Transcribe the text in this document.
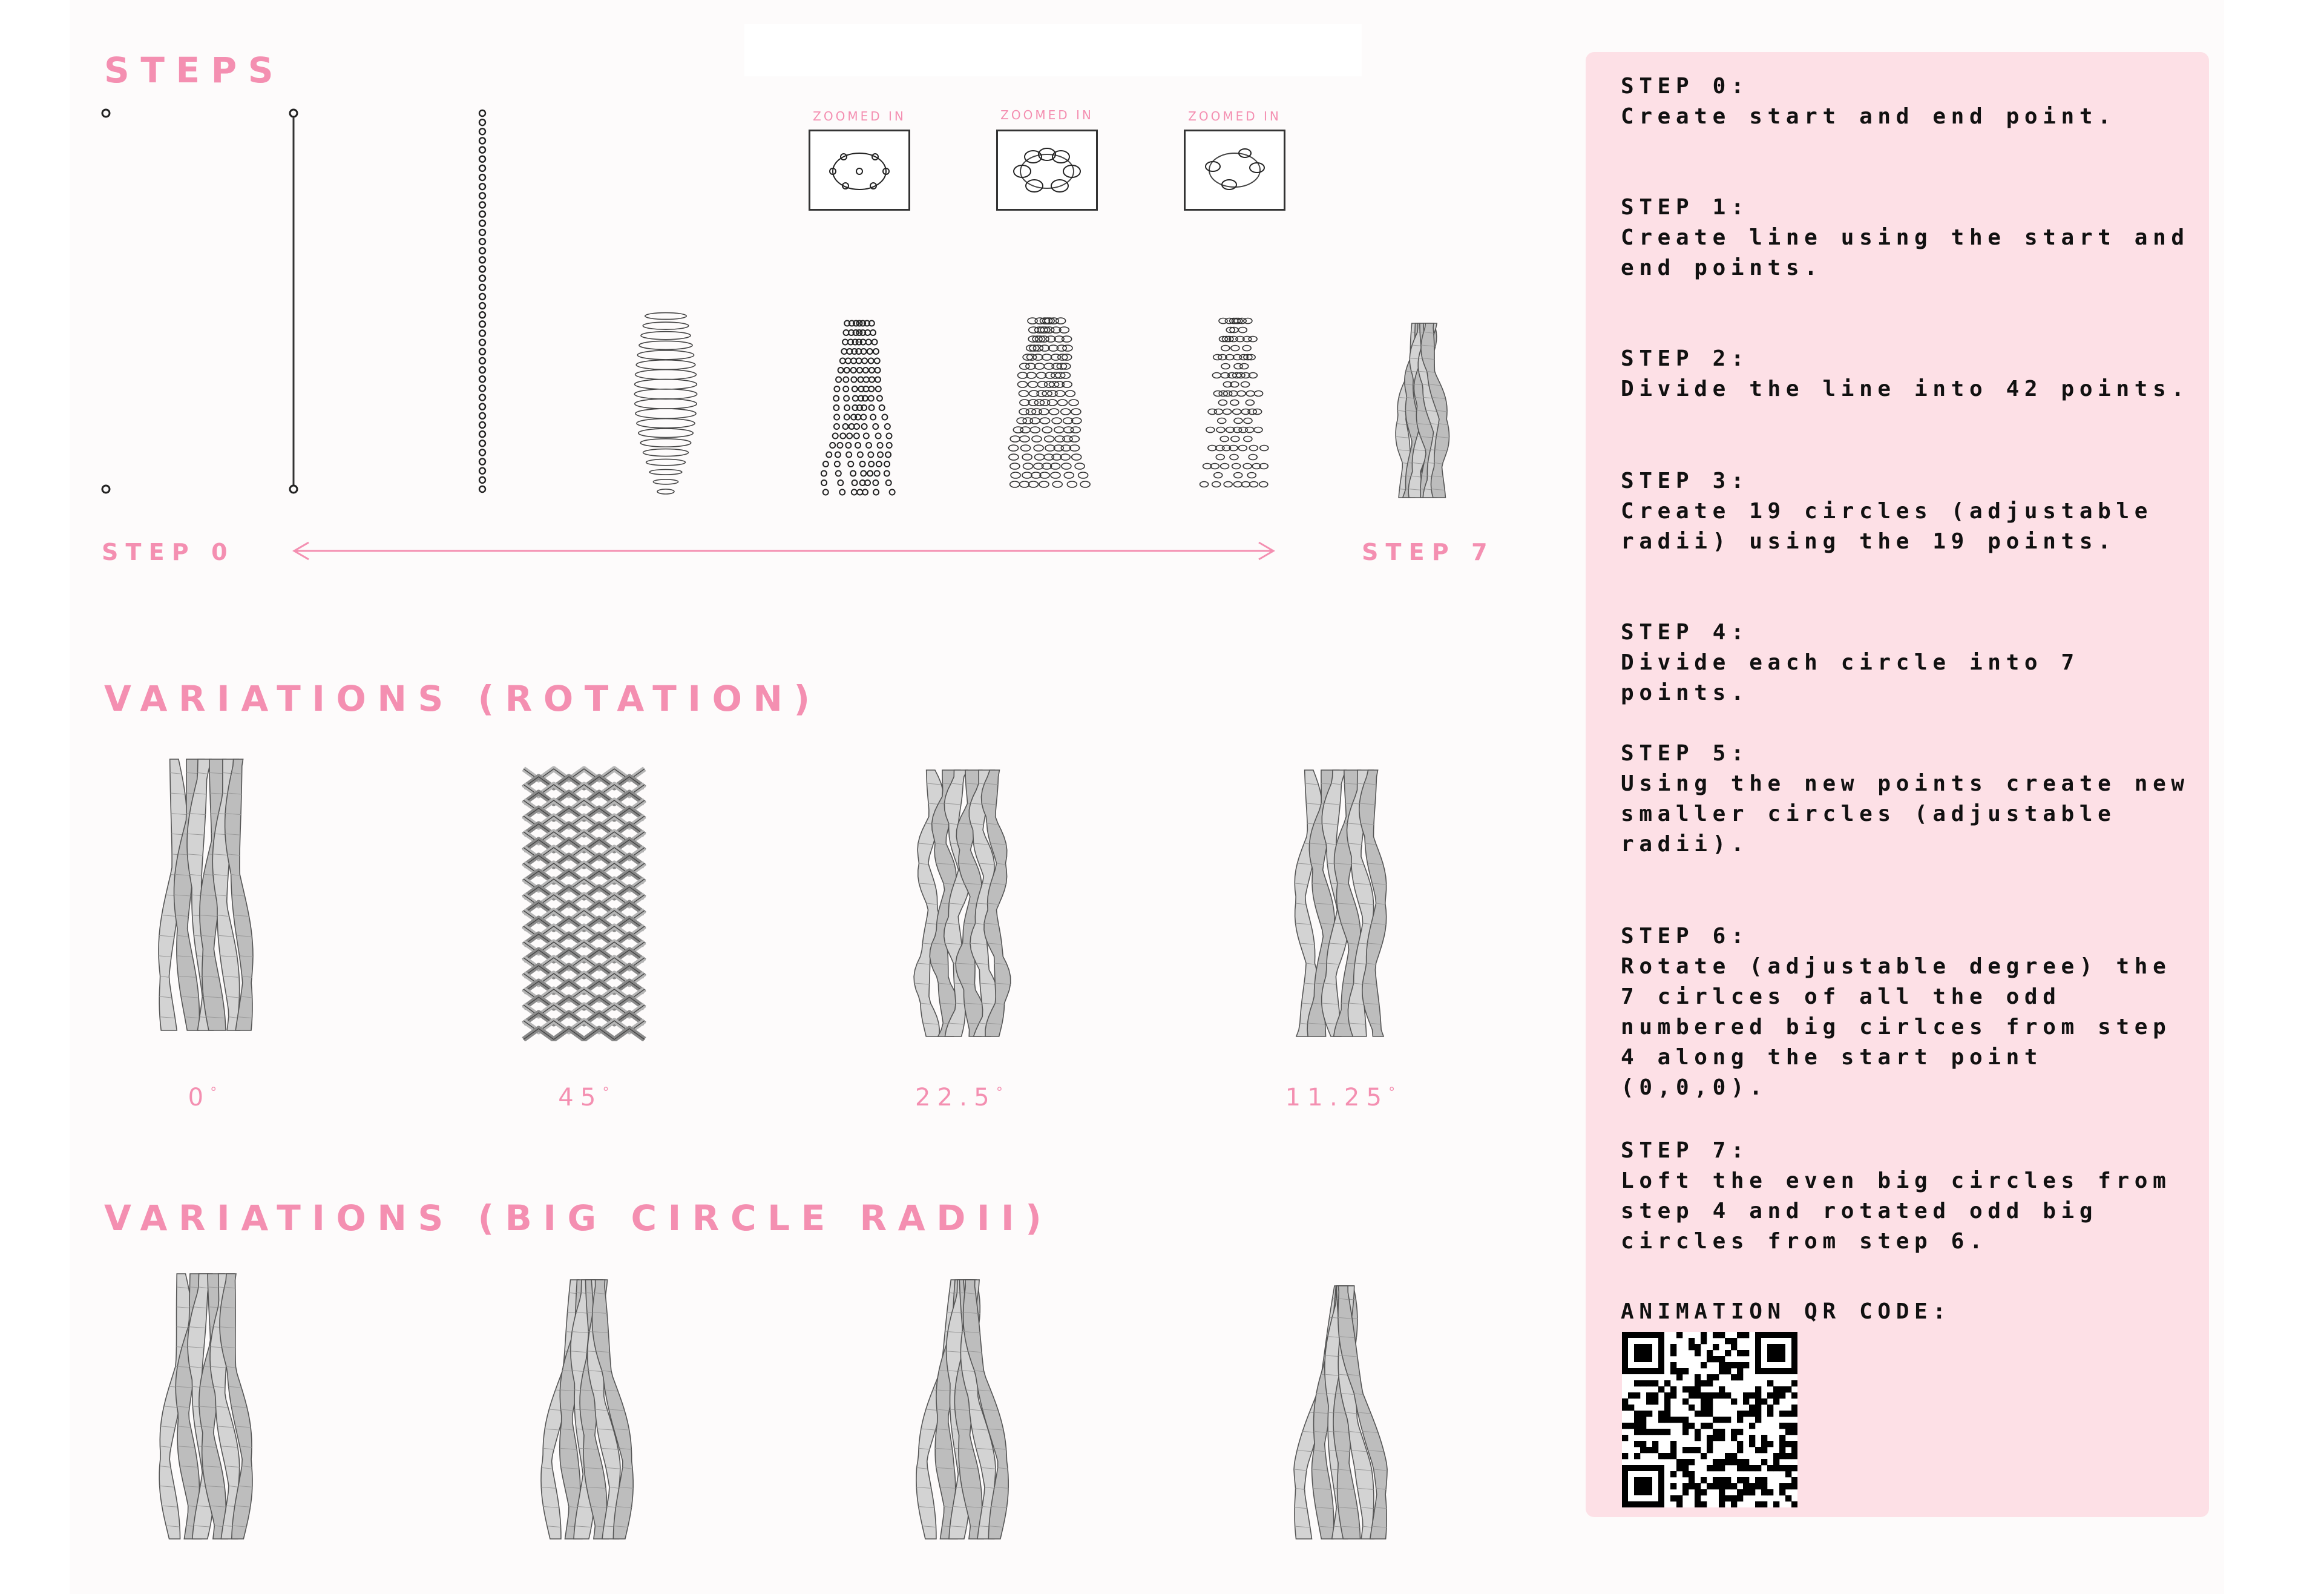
STEPS
VARIATIONS (ROTATION)
VARIATIONS (BIG CIRCLE RADII)
ZOOMED IN	ZOOMED IN	ZOOMED IN
STEP 0	STEP 7
0°	45°	22.5°	11.25°
STEP 0:
Create start and end point.
STEP 1:
Create line using the start and end points.
STEP 2:
Divide the line into 42 points.
STEP 3:
Create 19 circles (adjustable radii) using the 19 points.
STEP 4:
Divide each circle into 7 points.
STEP 5:
Using the new points create new smaller circles (adjustable radii).
STEP 6:
Rotate (adjustable degree) the 7 cirlces of all the odd numbered big cirlces from step 4 along the start point (0,0,0).
STEP 7:
Loft the even big circles from step 4 and rotated odd big circles from step 6.
ANIMATION QR CODE:
